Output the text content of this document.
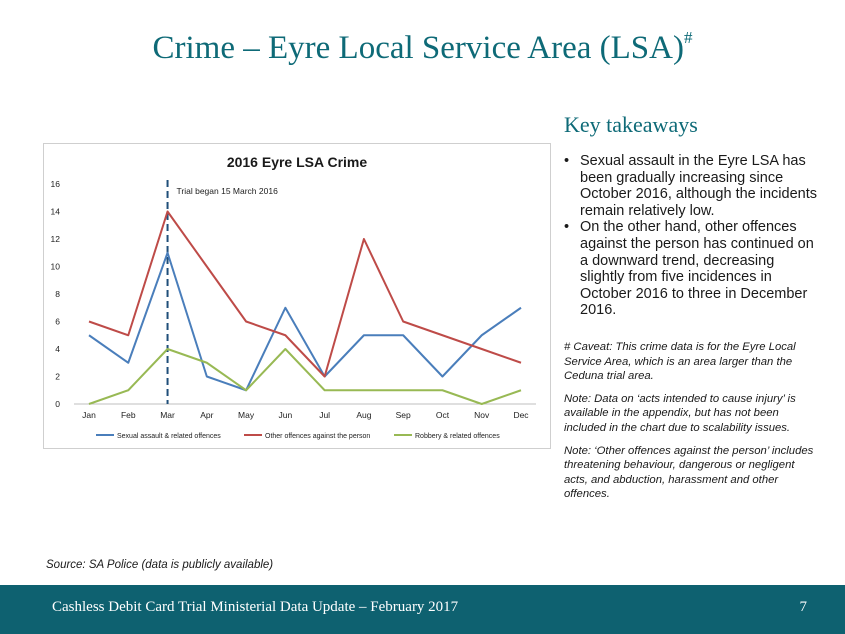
Crime – Eyre Local Service Area (LSA)#
2016 Eyre LSA Crime
0
2
4
6
8
10
12
14
16
Jan	Feb	Mar	Apr	May	Jun	Jul	Aug	Sep	Oct	Nov	Dec
Trial began 15 March 2016
Sexual assault & related offences	Other offences against the person	Robbery & related offences
Key takeaways
• Sexual assault in the Eyre LSA has been gradually increasing since October 2016, although the incidents remain relatively low.
• On the other hand, other offences against the person has continued on a downward trend, decreasing slightly from five incidences in October 2016 to three in December 2016.

# Caveat: This crime data is for the Eyre Local Service Area, which is an area larger than the Ceduna trial area.

Note: Data on ‘acts intended to cause injury’ is available in the appendix, but has not been included in the chart due to scalability issues.

Note: ‘Other offences against the person’ includes threatening behaviour, dangerous or negligent acts, and abduction, harassment and other offences.

Source: SA Police (data is publicly available)
Cashless Debit Card Trial Ministerial Data Update – February 2017	7
